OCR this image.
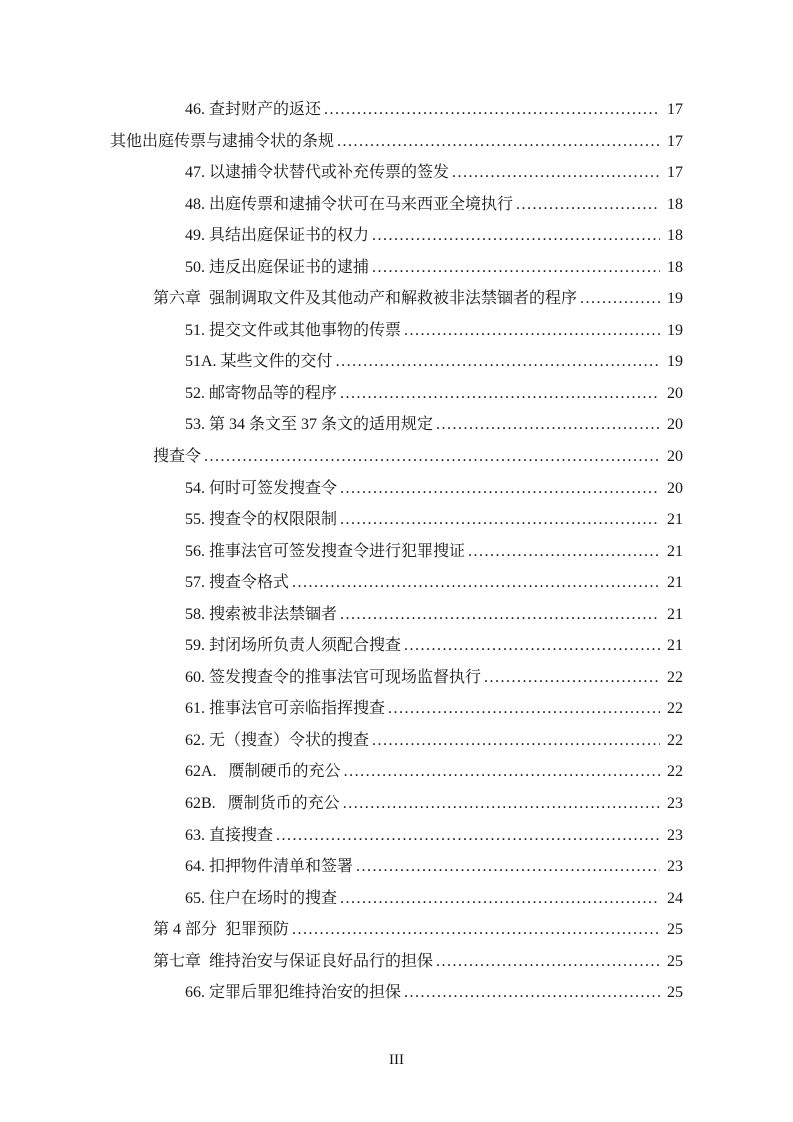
46. 查封财产的返还 .....	17
其他出庭传票与逮捕令状的条规 .....	17
47. 以逮捕令状替代或补充传票的签发 .....	17
48. 出庭传票和逮捕令状可在马来西亚全境执行 .....	18
49. 具结出庭保证书的权力 .....	18
50. 违反出庭保证书的逮捕 .....	18
第六章  强制调取文件及其他动产和解救被非法禁锢者的程序 .....	19
51. 提交文件或其他事物的传票 .....	19
51A. 某些文件的交付 .....	19
52. 邮寄物品等的程序 .....	20
53. 第 34 条文至 37 条文的适用规定 .....	20
搜查令 .....	20
54. 何时可签发搜查令 .....	20
55. 搜查令的权限限制 .....	21
56. 推事法官可签发搜查令进行犯罪搜证 .....	21
57. 搜查令格式 .....	21
58. 搜索被非法禁锢者 .....	21
59. 封闭场所负责人须配合搜查 .....	21
60. 签发搜查令的推事法官可现场监督执行 .....	22
61. 推事法官可亲临指挥搜查 .....	22
62. 无（搜查）令状的搜查 .....	22
62A.   赝制硬币的充公 .....	22
62B.   赝制货币的充公 .....	23
63. 直接搜查 .....	23
64. 扣押物件清单和签署 .....	23
65. 住户在场时的搜查 .....	24
第 4 部分  犯罪预防 .....	25
第七章  维持治安与保证良好品行的担保 .....	25
66. 定罪后罪犯维持治安的担保 .....	25
III
